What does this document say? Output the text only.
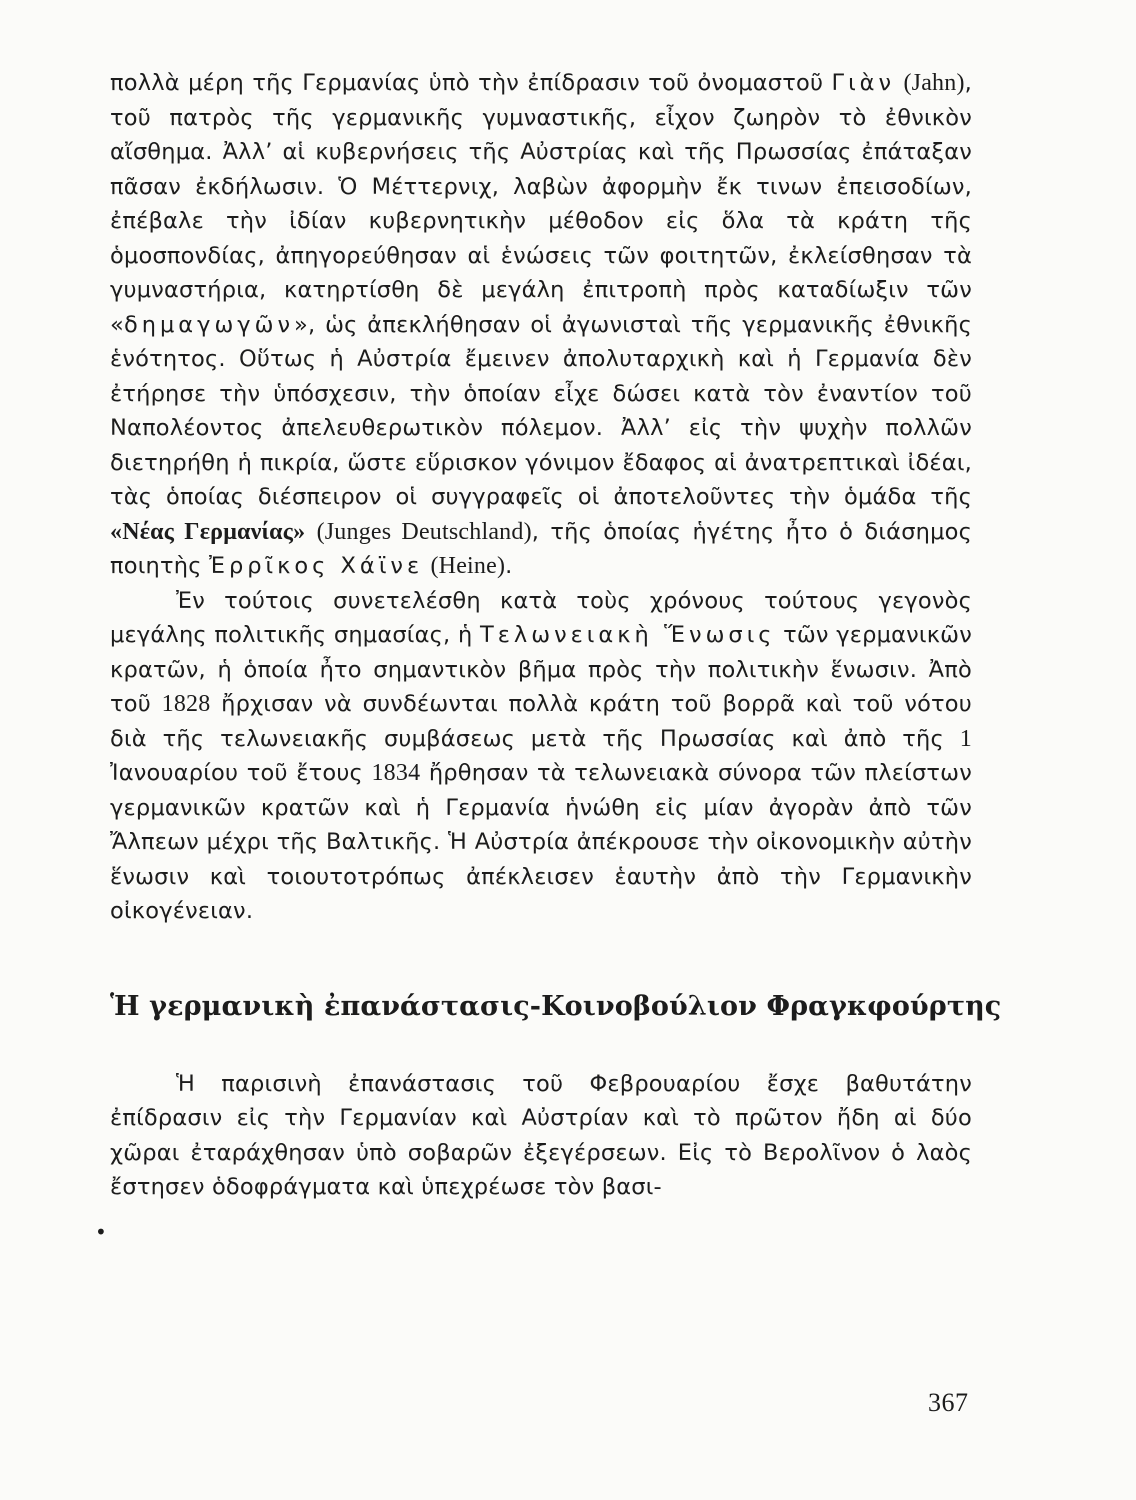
πολλὰ μέρη τῆς Γερμανίας ὑπὸ τὴν ἐπίδρασιν τοῦ ὀνομαστοῦ Γιὰν (Jahn), τοῦ πατρὸς τῆς γερμανικῆς γυμναστικῆς, εἶχον ζωηρὸν τὸ ἐθνικὸν αἴσθημα. Ἀλλ’ αἱ κυβερνήσεις τῆς Αὐστρίας καὶ τῆς Πρωσσίας ἐπάταξαν πᾶσαν ἐκδήλωσιν. Ὁ Μέττερνιχ, λαβὼν ἀφορμὴν ἔκ τινων ἐπεισοδίων, ἐπέβαλε τὴν ἰδίαν κυβερνητικὴν μέθοδον εἰς ὅλα τὰ κράτη τῆς ὁμοσπονδίας, ἀπηγορεύθησαν αἱ ἑνώσεις τῶν φοιτητῶν, ἐκλείσθησαν τὰ γυμναστήρια, κατηρτίσθη δὲ μεγάλη ἐπιτροπὴ πρὸς καταδίωξιν τῶν «δημαγωγῶν», ὡς ἀπεκλήθησαν οἱ ἀγωνισταὶ τῆς γερμανικῆς ἐθνικῆς ἑνότητος. Οὕτως ἡ Αὐστρία ἔμεινεν ἀπολυταρχικὴ καὶ ἡ Γερμανία δὲν ἐτήρησε τὴν ὑπόσχεσιν, τὴν ὁποίαν εἶχε δώσει κατὰ τὸν ἐναντίον τοῦ Ναπολέοντος ἀπελευθερωτικὸν πόλεμον. Ἀλλ’ εἰς τὴν ψυχὴν πολλῶν διετηρήθη ἡ πικρία, ὥστε εὕρισκον γόνιμον ἔδαφος αἱ ἀνατρεπτικαὶ ἰδέαι, τὰς ὁποίας διέσπειρον οἱ συγγραφεῖς οἱ ἀποτελοῦντες τὴν ὁμάδα τῆς «Νέας Γερμανίας» (Junges Deutschland), τῆς ὁποίας ἡγέτης ἦτο ὁ διάσημος ποιητὴς Ἐρρῖκος Χάϊνε (Heine).

Ἐν τούτοις συνετελέσθη κατὰ τοὺς χρόνους τούτους γεγονὸς μεγάλης πολιτικῆς σημασίας, ἡ Τελωνειακὴ Ἕνωσις τῶν γερμανικῶν κρατῶν, ἡ ὁποία ἦτο σημαντικὸν βῆμα πρὸς τὴν πολιτικὴν ἕνωσιν. Ἀπὸ τοῦ 1828 ἤρχισαν νὰ συνδέωνται πολλὰ κράτη τοῦ βορρᾶ καὶ τοῦ νότου διὰ τῆς τελωνειακῆς συμβάσεως μετὰ τῆς Πρωσσίας καὶ ἀπὸ τῆς 1 Ἰανουαρίου τοῦ ἔτους 1834 ἤρθησαν τὰ τελωνειακὰ σύνορα τῶν πλείστων γερμανικῶν κρατῶν καὶ ἡ Γερμανία ἡνώθη εἰς μίαν ἀγορὰν ἀπὸ τῶν Ἄλπεων μέχρι τῆς Βαλτικῆς. Ἡ Αὐστρία ἀπέκρουσε τὴν οἰκονομικὴν αὐτὴν ἕνωσιν καὶ τοιουτοτρόπως ἀπέκλεισεν ἑαυτὴν ἀπὸ τὴν Γερμανικὴν οἰκογένειαν.

Ἡ γερμανικὴ ἐπανάστασις-Κοινοβούλιον Φραγκφούρτης

Ἡ παρισινὴ ἐπανάστασις τοῦ Φεβρουαρίου ἔσχε βαθυτάτην ἐπίδρασιν εἰς τὴν Γερμανίαν καὶ Αὐστρίαν καὶ τὸ πρῶτον ἤδη αἱ δύο χῶραι ἐταράχθησαν ὑπὸ σοβαρῶν ἐξεγέρσεων. Εἰς τὸ Βερολῖνον ὁ λαὸς ἔστησεν ὁδοφράγματα καὶ ὑπεχρέωσε τὸν βασι-

•
367
